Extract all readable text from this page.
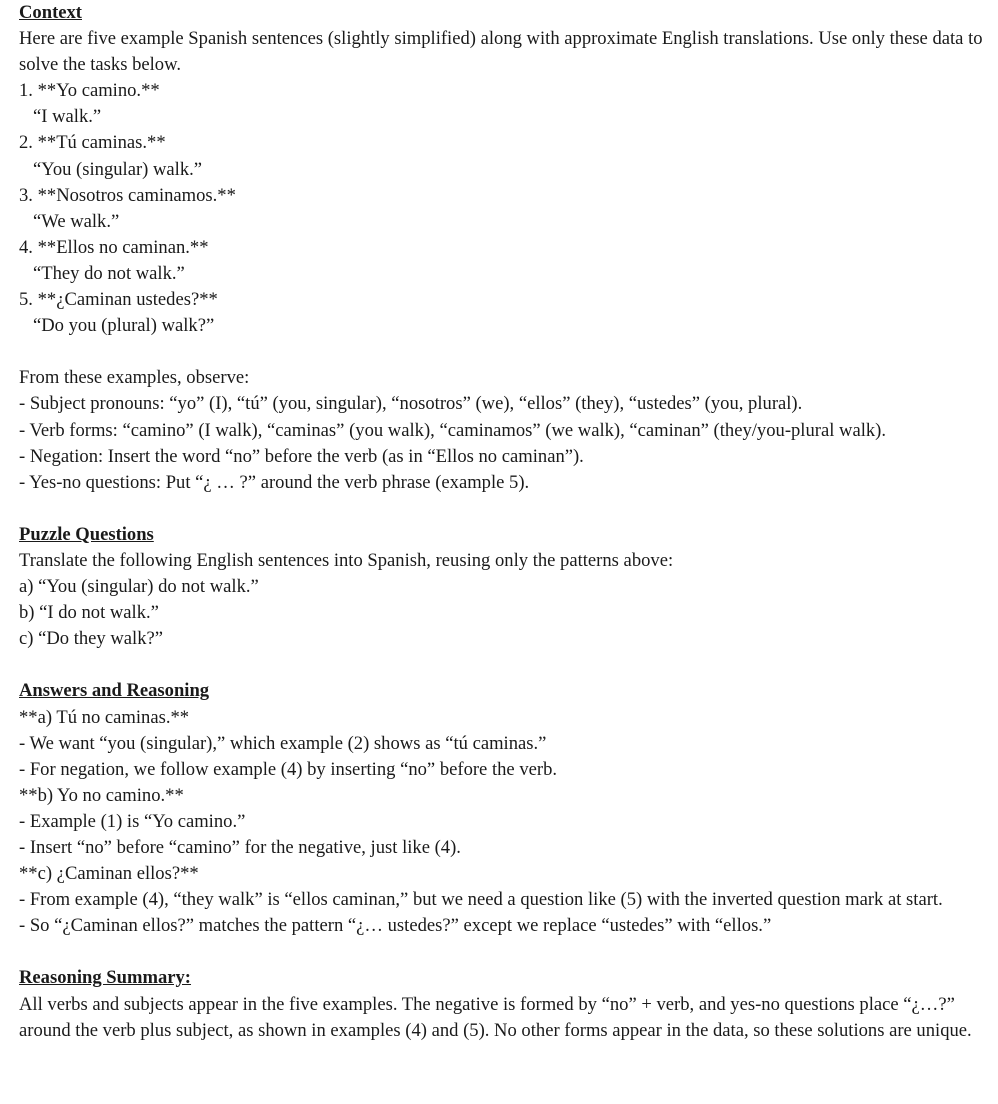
Context
Here are five example Spanish sentences (slightly simplified) along with approximate English translations. Use only these data to solve the tasks below.
1. **Yo camino.**
“I walk.”
2. **Tú caminas.**
“You (singular) walk.”
3. **Nosotros caminamos.**
“We walk.”
4. **Ellos no caminan.**
“They do not walk.”
5. **¿Caminan ustedes?**
“Do you (plural) walk?”
From these examples, observe:
- Subject pronouns: “yo” (I), “tú” (you, singular), “nosotros” (we), “ellos” (they), “ustedes” (you, plural).
- Verb forms: “camino” (I walk), “caminas” (you walk), “caminamos” (we walk), “caminan” (they/you-plural walk).
- Negation: Insert the word “no” before the verb (as in “Ellos no caminan”).
- Yes-no questions: Put “¿ … ?” around the verb phrase (example 5).
Puzzle Questions
Translate the following English sentences into Spanish, reusing only the patterns above:
a) “You (singular) do not walk.”
b) “I do not walk.”
c) “Do they walk?”
Answers and Reasoning
**a) Tú no caminas.**
- We want “you (singular),” which example (2) shows as “tú caminas.”
- For negation, we follow example (4) by inserting “no” before the verb.
**b) Yo no camino.**
- Example (1) is “Yo camino.”
- Insert “no” before “camino” for the negative, just like (4).
**c) ¿Caminan ellos?**
- From example (4), “they walk” is “ellos caminan,” but we need a question like (5) with the inverted question mark at start.
- So “¿Caminan ellos?” matches the pattern “¿… ustedes?” except we replace “ustedes” with “ellos.”
Reasoning Summary:
All verbs and subjects appear in the five examples. The negative is formed by “no” + verb, and yes-no questions place “¿…?” around the verb plus subject, as shown in examples (4) and (5). No other forms appear in the data, so these solutions are unique.
